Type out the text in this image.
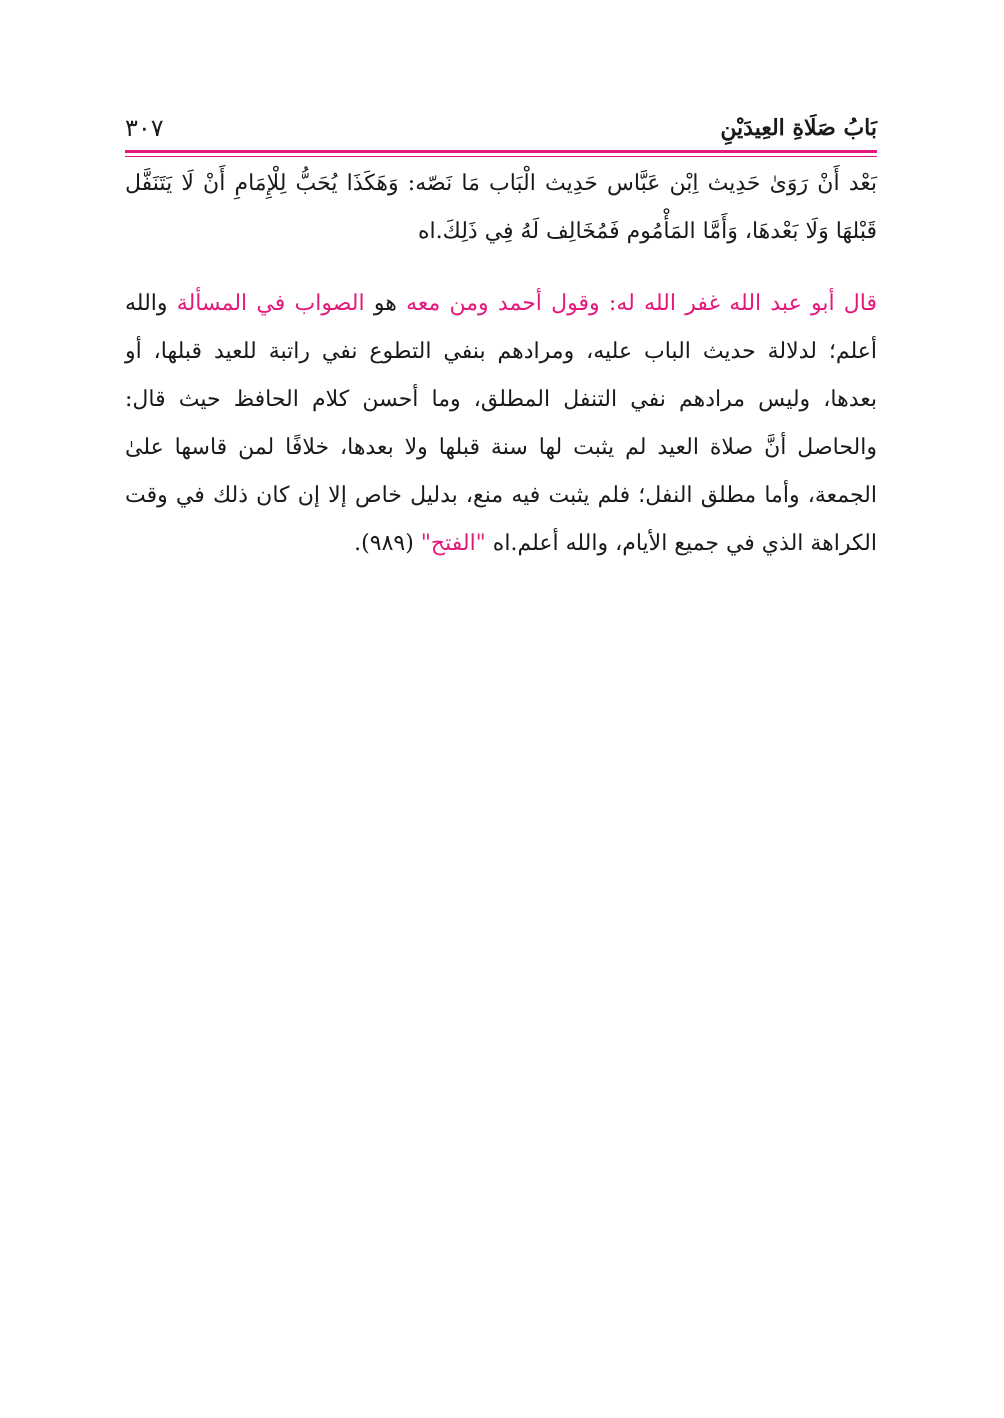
بَابُ صَلَاةِ العِيدَيْنِ
٣٠٧

بَعْد أَنْ رَوَىٰ حَدِيث اِبْن عَبَّاس حَدِيث الْبَاب مَا نَصّه: وَهَكَذَا يُحَبُّ لِلْإِمَامِ أَنْ لَا يَتَنَفَّل قَبْلهَا وَلَا بَعْدهَا، وَأَمَّا المَأْمُوم فَمُخَالِف لَهُ فِي ذَلِكَ.اه

قال أبو عبد الله غفر الله له: وقول أحمد ومن معه هو الصواب في المسألة والله أعلم؛ لدلالة حديث الباب عليه، ومرادهم بنفي التطوع نفي راتبة للعيد قبلها، أو بعدها، وليس مرادهم نفي التنفل المطلق، وما أحسن كلام الحافظ حيث قال: والحاصل أنَّ صلاة العيد لم يثبت لها سنة قبلها ولا بعدها، خلافًا لمن قاسها علىٰ الجمعة، وأما مطلق النفل؛ فلم يثبت فيه منع، بدليل خاص إلا إن كان ذلك في وقت الكراهة الذي في جميع الأيام، والله أعلم.اه "الفتح" (٩٨٩).
